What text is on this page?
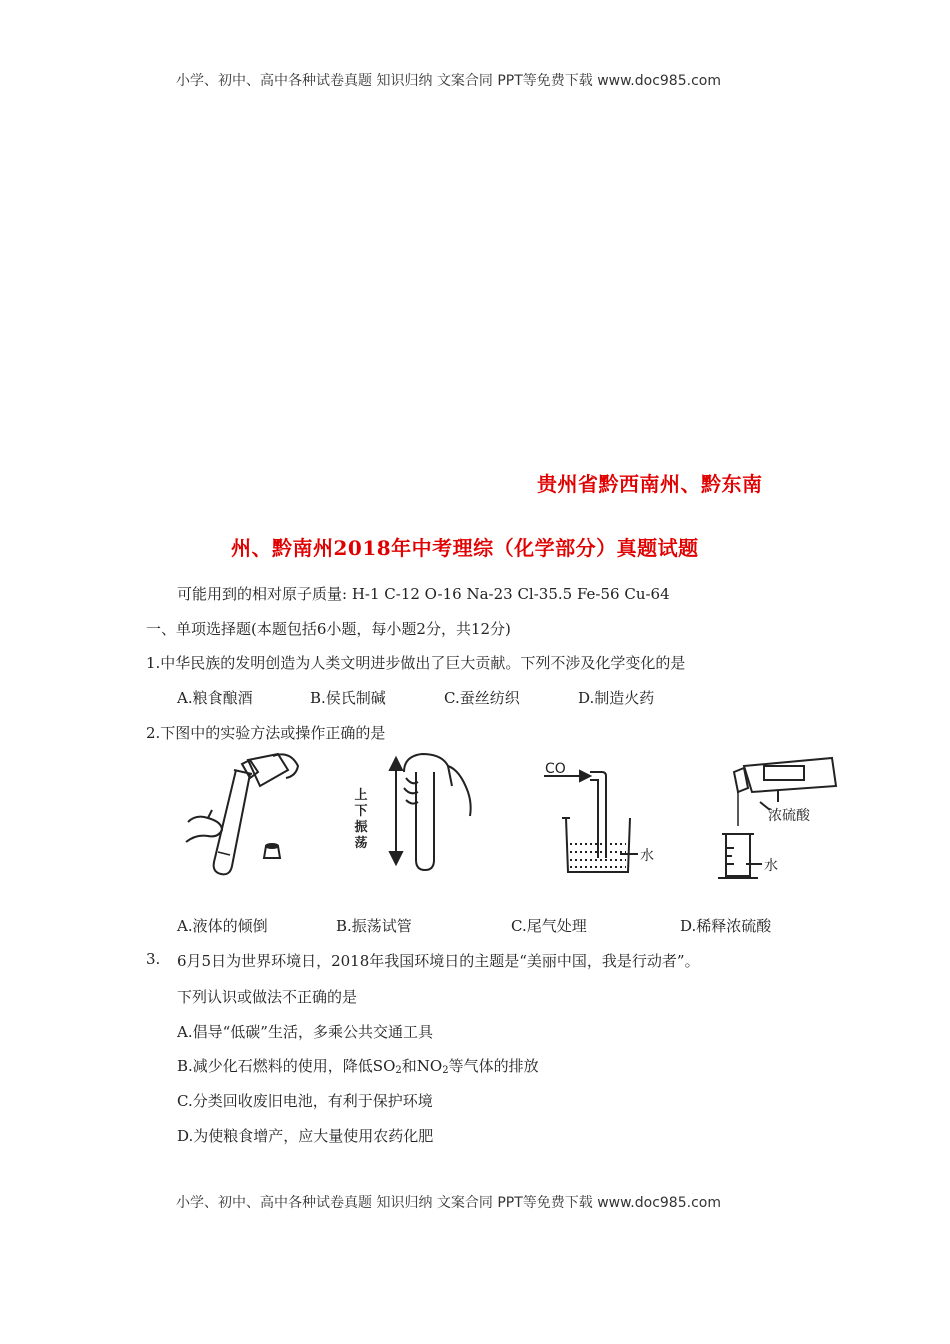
小学、初中、高中各种试卷真题 知识归纳 文案合同 PPT等免费下载 www.doc985.com
贵州省黔西南州、黔东南
州、黔南州2018年中考理综（化学部分）真题试题
可能用到的相对原子质量: H-1 C-12 O-16 Na-23 Cl-35.5 Fe-56 Cu-64
一、单项选择题(本题包括6小题，每小题2分，共12分)
1.中华民族的发明创造为人类文明进步做出了巨大贡献。下列不涉及化学变化的是
A.粮食酿酒	B.侯氏制碱	C.蚕丝纺织	D.制造火药
2.下图中的实验方法或操作正确的是
上下振荡
CO
水
浓硫酸
水
A.液体的倾倒	B.振荡试管	C.尾气处理	D.稀释浓硫酸
3. 6月5日为世界环境日，2018年我国环境日的主题是“美丽中国，我是行动者”。
下列认识或做法不正确的是
A.倡导“低碳”生活，多乘公共交通工具
B.减少化石燃料的使用，降低$SO_2$和$NO_2$等气体的排放
C.分类回收废旧电池，有利于保护环境
D.为使粮食增产，应大量使用农药化肥
小学、初中、高中各种试卷真题 知识归纳 文案合同 PPT等免费下载 www.doc985.com
